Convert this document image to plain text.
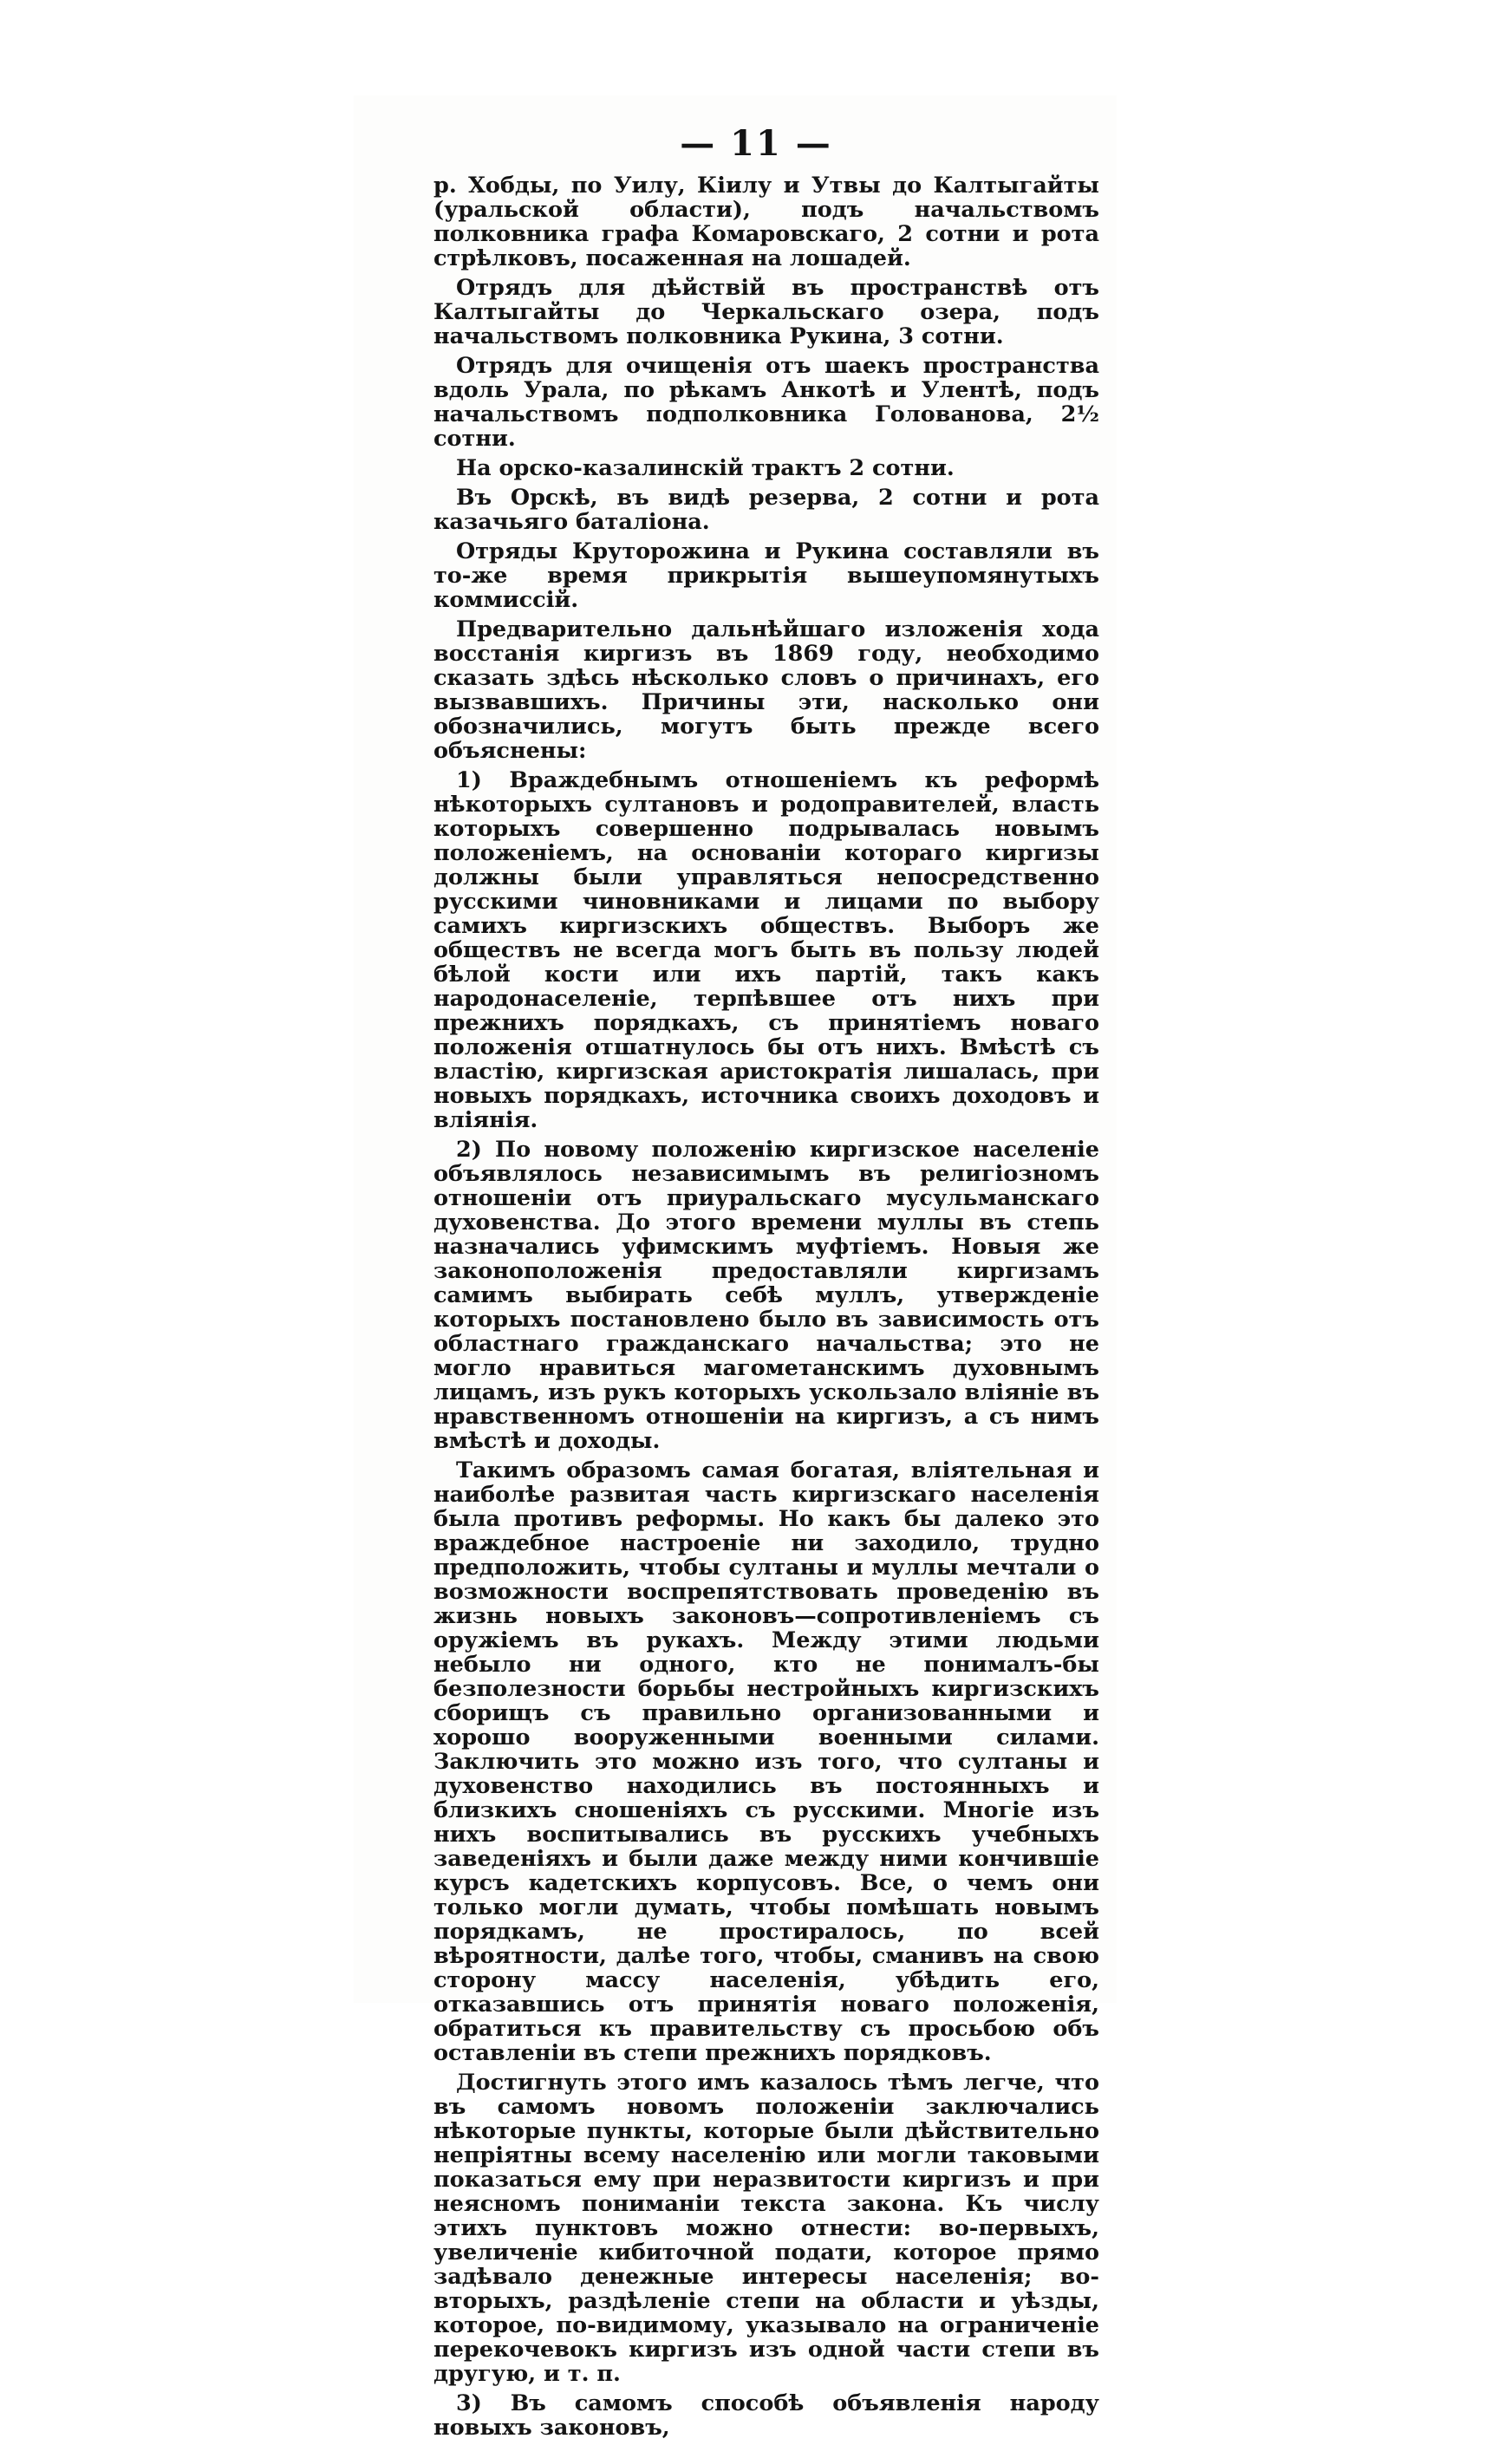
— 11 —

р. Хобды, по Уилу, Кiилу и Утвы до Калтыгайты (уральской области), подъ начальствомъ полковника графа Комаровскаго, 2 сотни и рота стрѣлковъ, посаженная на лошадей.

Отрядъ для дѣйствiй въ пространствѣ отъ Калтыгайты до Черкальскаго озера, подъ начальствомъ полковника Рукина, 3 сотни.

Отрядъ для очищенiя отъ шаекъ пространства вдоль Урала, по рѣкамъ Анкотѣ и Улентѣ, подъ начальствомъ подполковника Голованова, 2½ сотни.

На орско-казалинскiй трактъ 2 сотни.

Въ Орскѣ, въ видѣ резерва, 2 сотни и рота казачьяго баталiона.

Отряды Круторожина и Рукина составляли въ то-же время прикрытiя вышеупомянутыхъ коммиссiй.

Предварительно дальнѣйшаго изложенiя хода восстанiя киргизъ въ 1869 году, необходимо сказать здѣсь нѣсколько словъ о причинахъ, его вызвавшихъ. Причины эти, насколько они обозначились, могутъ быть прежде всего объяснены:

1) Враждебнымъ отношенiемъ къ реформѣ нѣкоторыхъ султановъ и родоправителей, власть которыхъ совершенно подрывалась новымъ положенiемъ, на основанiи котораго киргизы должны были управляться непосредственно русскими чиновниками и лицами по выбору самихъ киргизскихъ обществъ. Выборъ же обществъ не всегда могъ быть въ пользу людей бѣлой кости или ихъ партiй, такъ какъ народонаселенiе, терпѣвшее отъ нихъ при прежнихъ порядкахъ, съ принятiемъ новаго положенiя отшатнулось бы отъ нихъ. Вмѣстѣ съ властiю, киргизская аристократiя лишалась, при новыхъ порядкахъ, источника своихъ доходовъ и влiянiя.

2) По новому положенiю киргизское населенiе объявлялось независимымъ въ религiозномъ отношенiи отъ приуральскаго мусульманскаго духовенства. До этого времени муллы въ степь назначались уфимскимъ муфтiемъ. Новыя же законоположенiя предоставляли киргизамъ самимъ выбирать себѣ муллъ, утвержденiе которыхъ постановлено было въ зависимость отъ областнаго гражданскаго начальства; это не могло нравиться магометанскимъ духовнымъ лицамъ, изъ рукъ которыхъ ускользало влiянiе въ нравственномъ отношенiи на киргизъ, а съ нимъ вмѣстѣ и доходы.

Такимъ образомъ самая богатая, влiятельная и наиболѣе развитая часть киргизскаго населенiя была противъ реформы. Но какъ бы далеко это враждебное настроенiе ни заходило, трудно предположить, чтобы султаны и муллы мечтали о возможности воспрепятствовать проведенiю въ жизнь новыхъ законовъ—сопротивленiемъ съ оружiемъ въ рукахъ. Между этими людьми небыло ни одного, кто не понималъ-бы безполезности борьбы нестройныхъ киргизскихъ сборищъ съ правильно организованными и хорошо вооруженными военными силами. Заключить это можно изъ того, что султаны и духовенство находились въ постоянныхъ и близкихъ сношенiяхъ съ русскими. Многiе изъ нихъ воспитывались въ русскихъ учебныхъ заведенiяхъ и были даже между ними кончившiе курсъ кадетскихъ корпусовъ. Все, о чемъ они только могли думать, чтобы помѣшать новымъ порядкамъ, не простиралось, по всей вѣроятности, далѣе того, чтобы, сманивъ на свою сторону массу населенiя, убѣдить его, отказавшись отъ принятiя новаго положенiя, обратиться къ правительству съ просьбою объ оставленiи въ степи прежнихъ порядковъ.

Достигнуть этого имъ казалось тѣмъ легче, что въ самомъ новомъ положенiи заключались нѣкоторые пункты, которые были дѣйствительно непрiятны всему населенiю или могли таковыми показаться ему при неразвитости киргизъ и при неясномъ пониманiи текста закона. Къ числу этихъ пунктовъ можно отнести: во-первыхъ, увеличенiе кибиточной подати, которое прямо задѣвало денежные интересы населенiя; во-вторыхъ, раздѣленiе степи на области и уѣзды, которое, по-видимому, указывало на ограниченiе перекочевокъ киргизъ изъ одной части степи въ другую, и т. п.

3) Въ самомъ способѣ объявленiя народу новыхъ законовъ,
